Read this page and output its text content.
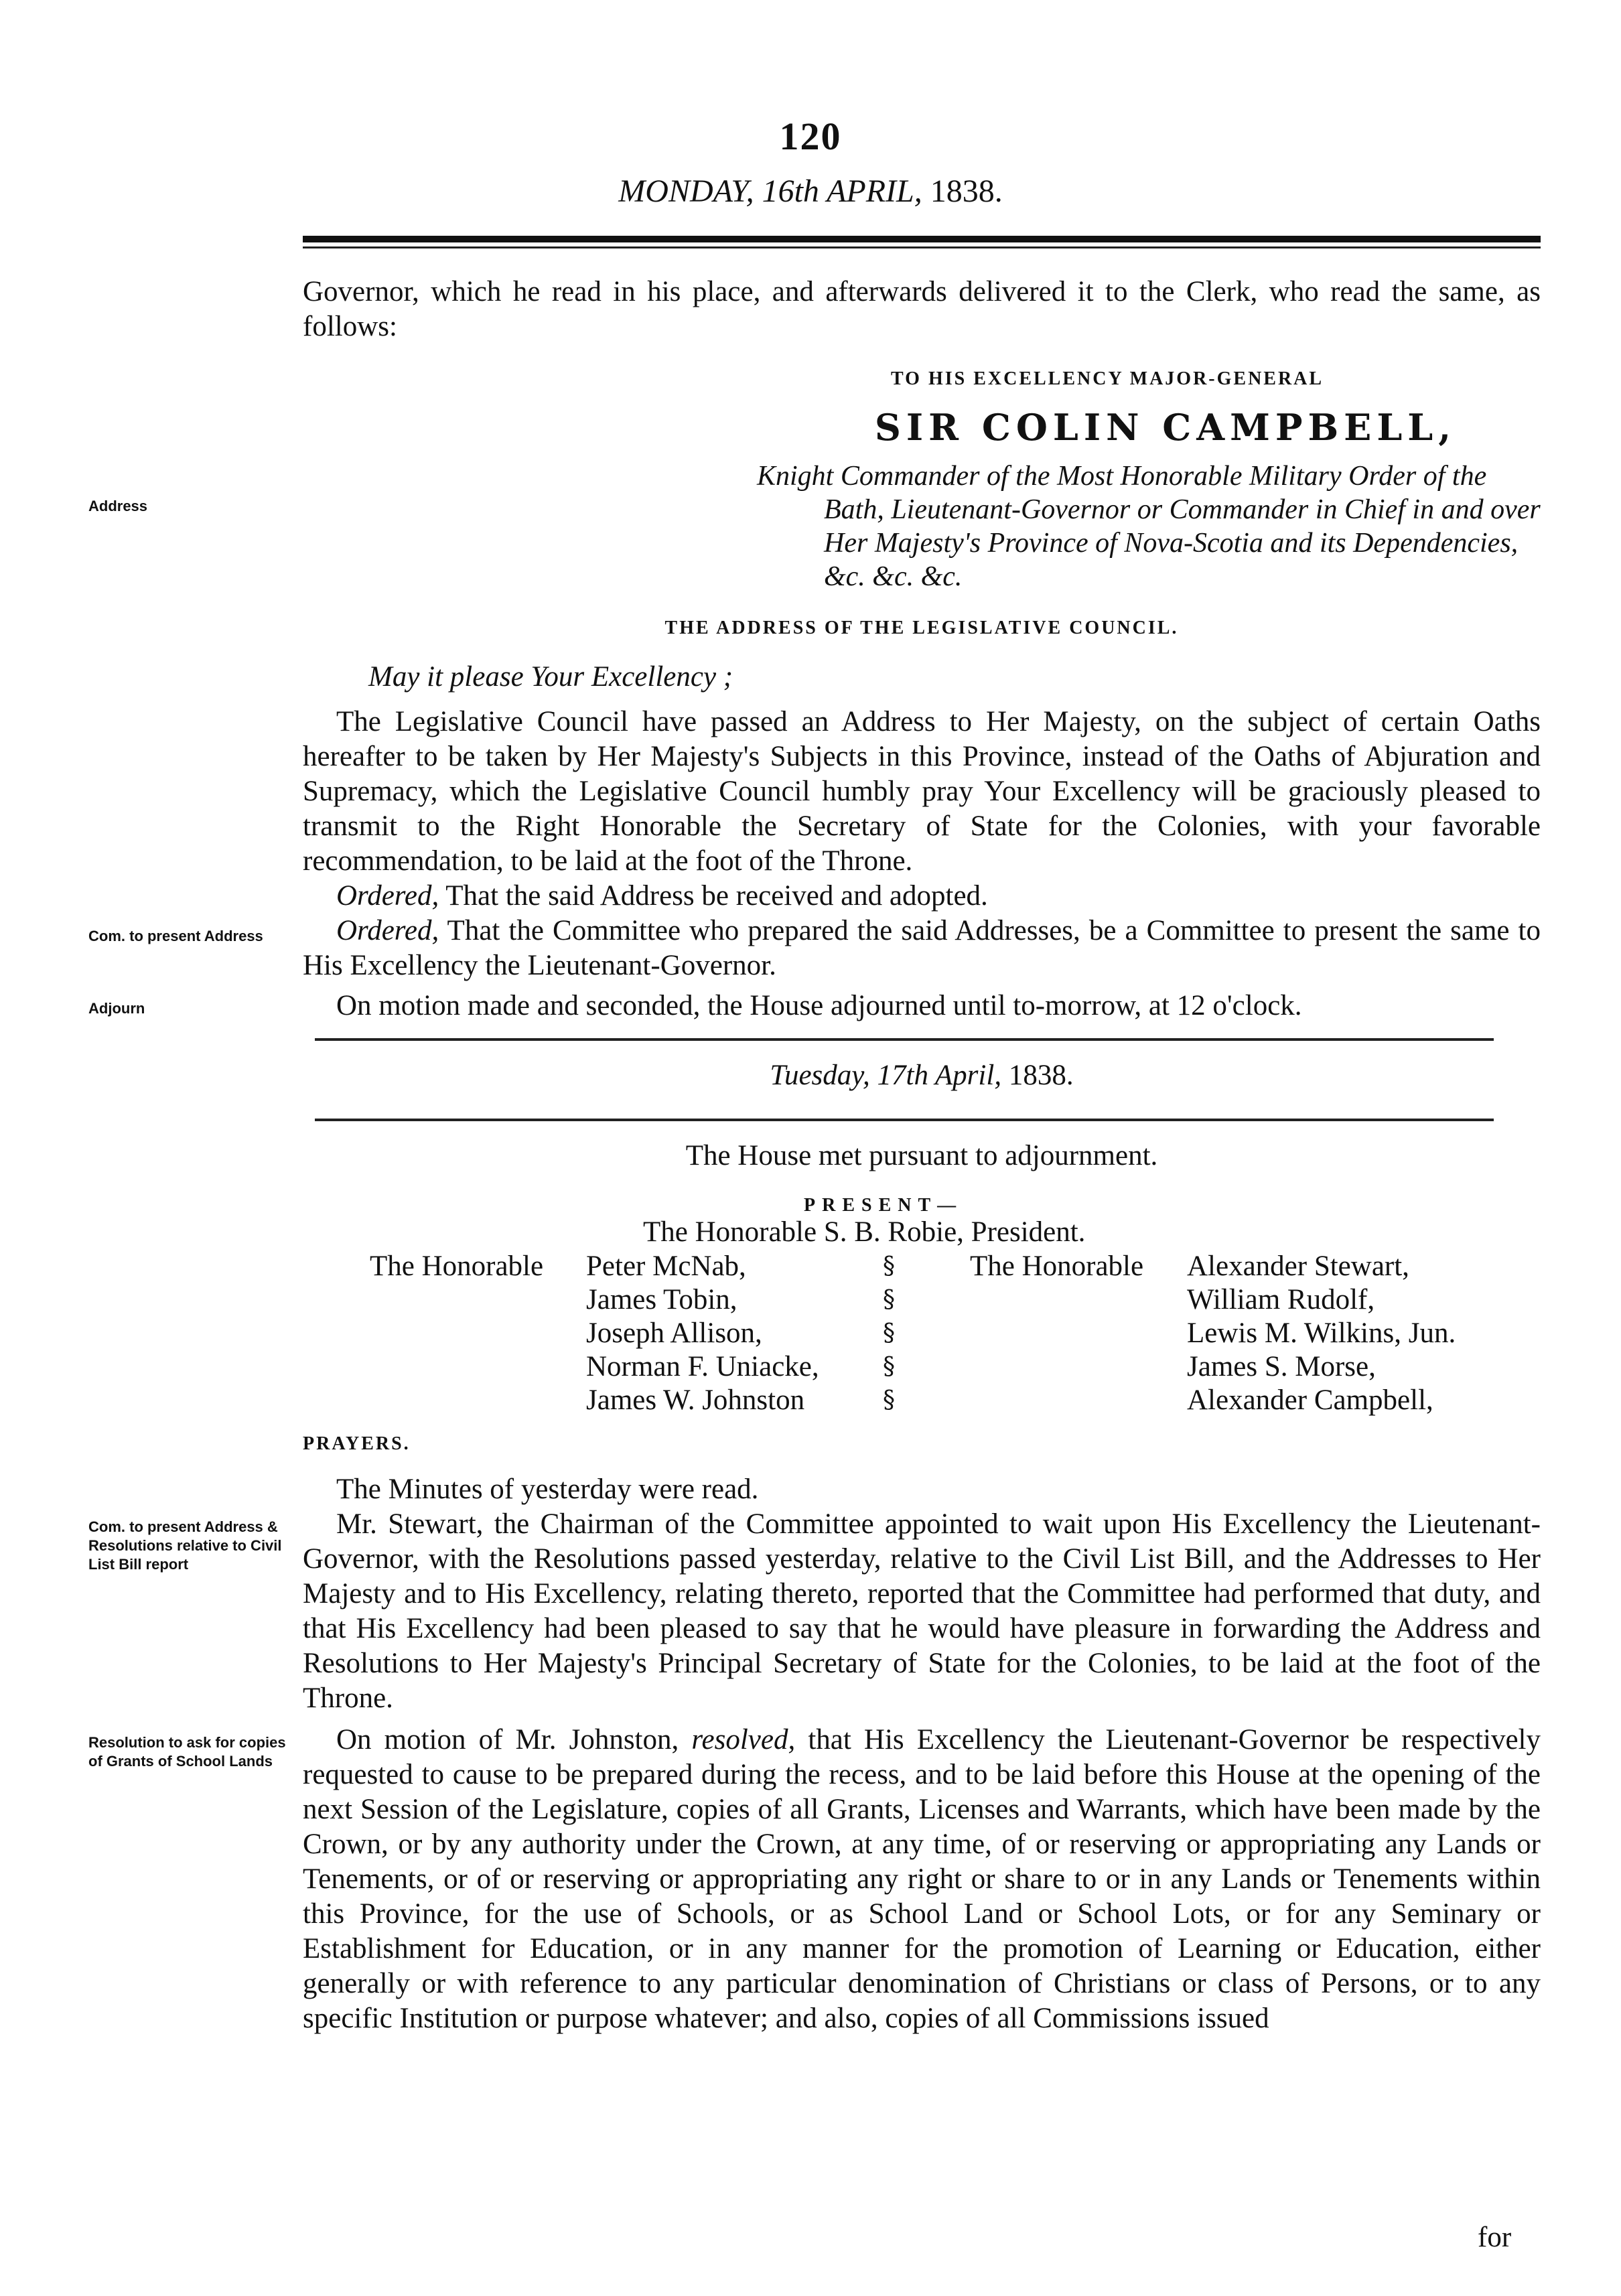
120
MONDAY, 16th APRIL, 1838.
Governor, which he read in his place, and afterwards delivered it to the Clerk, who read the same, as follows:
TO HIS EXCELLENCY MAJOR-GENERAL
SIR COLIN CAMPBELL,
Knight Commander of the Most Honorable Military Order of the Bath, Lieutenant-Governor or Commander in Chief in and over Her Majesty's Province of Nova-Scotia and its Dependencies, &c. &c. &c.
Address
THE ADDRESS OF THE LEGISLATIVE COUNCIL.
May it please Your Excellency ;

The Legislative Council have passed an Address to Her Majesty, on the subject of certain Oaths hereafter to be taken by Her Majesty's Subjects in this Province, instead of the Oaths of Abjuration and Supremacy, which the Legislative Council humbly pray Your Excellency will be graciously pleased to transmit to the Right Honorable the Secretary of State for the Colonies, with your favorable recommendation, to be laid at the foot of the Throne.

Ordered, That the said Address be received and adopted.

Ordered, That the Committee who prepared the said Addresses, be a Committee to present the same to His Excellency the Lieutenant-Governor.

Com. to present Address
On motion made and seconded, the House adjourned until to-morrow, at 12 o'clock.
Adjourn
Tuesday, 17th April, 1838.
The House met pursuant to adjournment.
PRESENT—
The Honorable S. B. Robie, President.
The Honorable Peter McNab,
James Tobin,
Joseph Allison,
Norman F. Uniacke,
James W. Johnston
§
§
§
§
§
The Honorable Alexander Stewart,
William Rudolf,
Lewis M. Wilkins, Jun.
James S. Morse,
Alexander Campbell,
PRAYERS.

The Minutes of yesterday were read.

Mr. Stewart, the Chairman of the Committee appointed to wait upon His Excellency the Lieutenant-Governor, with the Resolutions passed yesterday, relative to the Civil List Bill, and the Addresses to Her Majesty and to His Excellency, relating thereto, reported that the Committee had performed that duty, and that His Excellency had been pleased to say that he would have pleasure in forwarding the Address and Resolutions to Her Majesty's Principal Secretary of State for the Colonies, to be laid at the foot of the Throne.

Com. to present Address & Resolutions relative to Civil List Bill report
On motion of Mr. Johnston, resolved, that His Excellency the Lieutenant-Governor be respectively requested to cause to be prepared during the recess, and to be laid before this House at the opening of the next Session of the Legislature, copies of all Grants, Licenses and Warrants, which have been made by the Crown, or by any authority under the Crown, at any time, of or reserving or appropriating any Lands or Tenements, or of or reserving or appropriating any right or share to or in any Lands or Tenements within this Province, for the use of Schools, or as School Land or School Lots, or for any Seminary or Establishment for Education, or in any manner for the promotion of Learning or Education, either generally or with reference to any particular denomination of Christians or class of Persons, or to any specific Institution or purpose whatever; and also, copies of all Commissions issued
Resolution to ask for copies of Grants of School Lands
for
